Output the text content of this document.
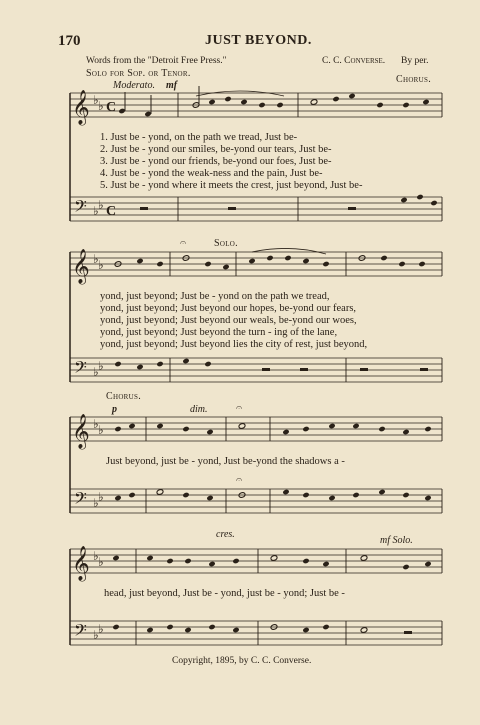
170	JUST BEYOND.
Words from the "Detroit Free Press."	C. C. Converse. By per.
Solo for Sop. or Tenor.
Chorus.
Moderato. mf
𝄞
𝄢
♭ ♭
♭ ♭
C
C
𝄞
𝄢
♭ ♭
♭ ♭
𝄐
𝄞
𝄢
♭ ♭
♭ ♭
𝄐
𝄐
𝄞
𝄢
♭ ♭
♭ ♭
1. Just be - yond, on the path we tread, Just be-
2. Just be - yond our smiles, be-yond our tears, Just be-
3. Just be - yond our friends, be-yond our foes, Just be-
4. Just be - yond the weak-ness and the pain, Just be-
5. Just be - yond where it meets the crest, just beyond, Just be-
Solo.
yond, just beyond; Just be - yond on the path we tread,
yond, just beyond; Just beyond our hopes, be-yond our fears,
yond, just beyond; Just beyond our weals, be-yond our woes,
yond, just beyond; Just beyond the turn - ing of the lane,
yond, just beyond; Just beyond lies the city of rest, just beyond,
Chorus.
p	dim.
Just beyond, just be - yond, Just be-yond the shadows a -
cres.
mf Solo.
head, just beyond, Just be - yond, just be - yond; Just be -
Copyright, 1895, by C. C. Converse.
